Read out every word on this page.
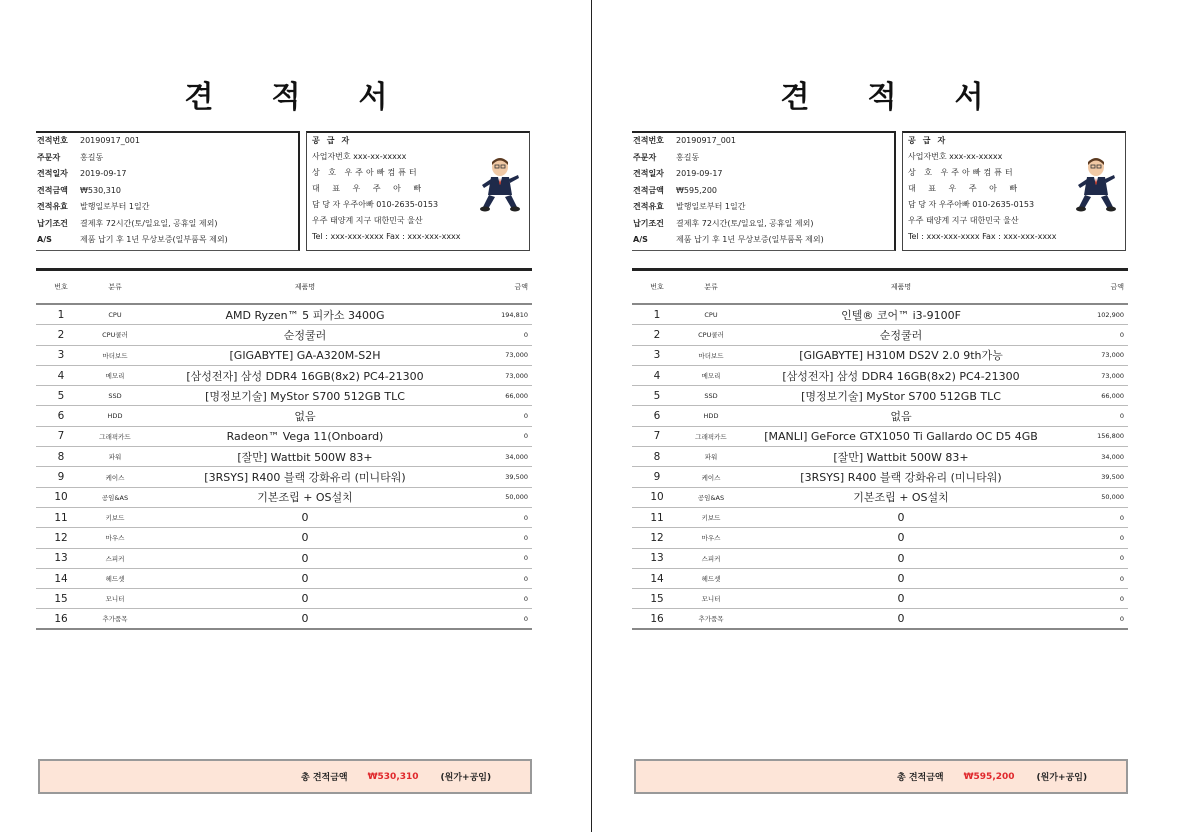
견적서
견적번호	20190917_001
주문자	홍길동
견적일자	2019-09-17
견적금액	₩530,310
견적유효	발행일로부터 1일간
납기조건	결제후 72시간(토/일요일, 공휴일 제외)
A/S	제품 납기 후 1년 무상보증(일부품목 제외)
공급자
사업자번호 xxx-xx-xxxxx
상 호 우주아빠컴퓨터
대 표 우 주 아 빠
담 당 자 우주아빠 010-2635-0153
우주 태양계 지구 대한민국 울산
Tel : xxx-xxx-xxxx Fax : xxx-xxx-xxxx
번호	분류	제품명	금액
1	CPU	AMD Ryzen™ 5 피카소 3400G	194,810
2	CPU쿨러	순정쿨러	0
3	마더보드	[GIGABYTE] GA-A320M-S2H	73,000
4	메모리	[삼성전자] 삼성 DDR4 16GB(8x2) PC4-21300	73,000
5	SSD	[명정보기술] MyStor S700 512GB TLC	66,000
6	HDD	없음	0
7	그래픽카드	Radeon™ Vega 11(Onboard)	0
8	파워	[잘만] Wattbit 500W 83+	34,000
9	케이스	[3RSYS] R400 블랙 강화유리 (미니타워)	39,500
10	공임&AS	기본조립 + OS설치	50,000
11	키보드	0	0
12	마우스	0	0
13	스피커	0	0
14	헤드셋	0	0
15	모니터	0	0
16	추가품목	0	0
총 견적금액 ₩530,310 (원가+공임)
견적서
견적번호	20190917_001
주문자	홍길동
견적일자	2019-09-17
견적금액	₩595,200
견적유효	발행일로부터 1일간
납기조건	결제후 72시간(토/일요일, 공휴일 제외)
A/S	제품 납기 후 1년 무상보증(일부품목 제외)
공급자
사업자번호 xxx-xx-xxxxx
상 호 우주아빠컴퓨터
대 표 우 주 아 빠
담 당 자 우주아빠 010-2635-0153
우주 태양계 지구 대한민국 울산
Tel : xxx-xxx-xxxx Fax : xxx-xxx-xxxx
번호	분류	제품명	금액
1	CPU	인텔® 코어™ i3-9100F	102,900
2	CPU쿨러	순정쿨러	0
3	마더보드	[GIGABYTE] H310M DS2V 2.0 9th가능	73,000
4	메모리	[삼성전자] 삼성 DDR4 16GB(8x2) PC4-21300	73,000
5	SSD	[명정보기술] MyStor S700 512GB TLC	66,000
6	HDD	없음	0
7	그래픽카드	[MANLI] GeForce GTX1050 Ti Gallardo OC D5 4GB	156,800
8	파워	[잘만] Wattbit 500W 83+	34,000
9	케이스	[3RSYS] R400 블랙 강화유리 (미니타워)	39,500
10	공임&AS	기본조립 + OS설치	50,000
11	키보드	0	0
12	마우스	0	0
13	스피커	0	0
14	헤드셋	0	0
15	모니터	0	0
16	추가품목	0	0
총 견적금액 ₩595,200 (원가+공임)
